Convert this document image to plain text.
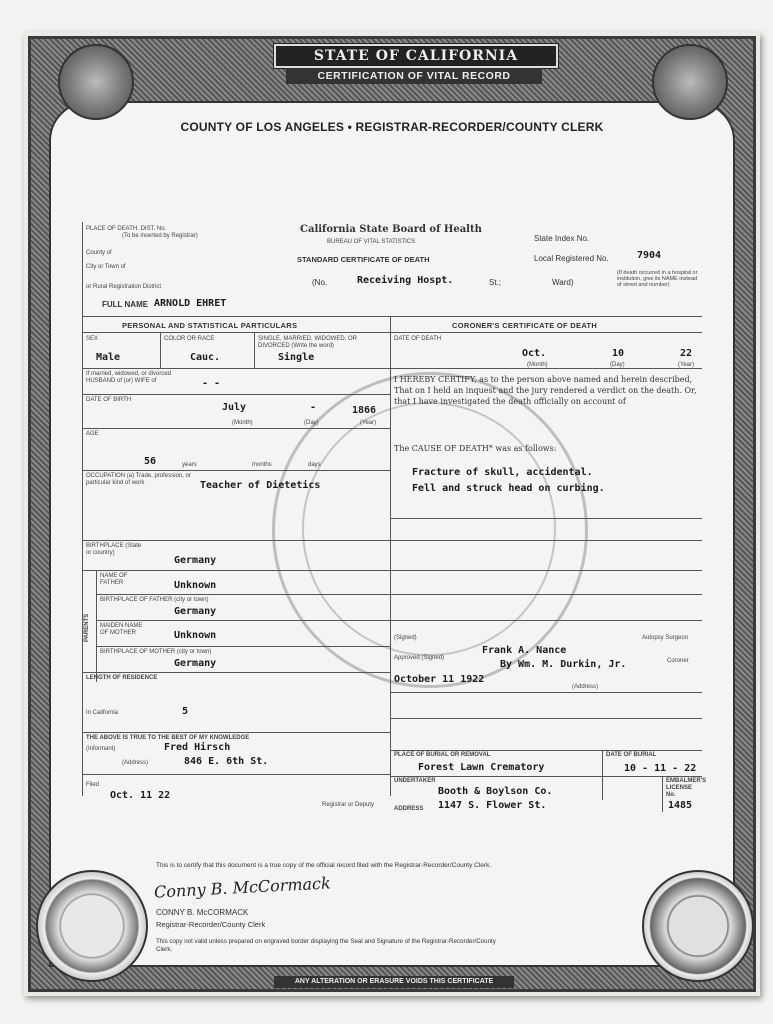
STATE OF CALIFORNIA
CERTIFICATION OF VITAL RECORD
COUNTY OF LOS ANGELES • REGISTRAR-RECORDER/COUNTY CLERK
PLACE OF DEATH. DIST. No.
(To be inserted by Registrar)
County of
City or Town of
or Rural Registration District
California State Board of Health
BUREAU OF VITAL STATISTICS
STANDARD CERTIFICATE OF DEATH
State Index No.
Local Registered No.	7904
(No.	Receiving Hospt.	St.;	Ward)
(If death occurred in a hospital or institution, give its NAME instead of street and number)
FULL NAME ARNOLD EHRET
PERSONAL AND STATISTICAL PARTICULARS	CORONER'S CERTIFICATE OF DEATH
SEX
Male
COLOR OR RACE
Cauc.
SINGLE, MARRIED, WIDOWED, OR DIVORCED (Write the word)
Single
If married, widowed, or divorced HUSBAND of (or) WIFE of	- -
DATE OF BIRTH
July	-	1866
(Month)	(Day)	(Year)
AGE
56	years	months	days
OCCUPATION (a) Trade, profession, or particular kind of work	Teacher of Dietetics
BIRTHPLACE (State or country)
Germany
PARENTS
NAME OF FATHER	Unknown
BIRTHPLACE OF FATHER (city or town)
Germany
MAIDEN NAME OF MOTHER	Unknown
BIRTHPLACE OF MOTHER (city or town)
Germany
LENGTH OF RESIDENCE
In California	5
THE ABOVE IS TRUE TO THE BEST OF MY KNOWLEDGE
(Informant)	Fred Hirsch
(Address)	846 E. 6th St.
Filed
Oct. 11 22
Registrar or Deputy
DATE OF DEATH
Oct.	10	22
(Month)	(Day)	(Year)
I HEREBY CERTIFY, as to the person above named and herein described, That on I held an inquest and the jury rendered a verdict on the death. Or, that I have investigated the death officially on account of
The CAUSE OF DEATH* was as follows:
Fracture of skull, accidental.
Fell and struck head on curbing.
(Signed)	Autopsy Surgeon
Approved (Signed)
Frank A. Nance
By Wm. M. Durkin, Jr.	Coroner
October 11 1922
(Address)
PLACE OF BURIAL OR REMOVAL
Forest Lawn Crematory
DATE OF BURIAL
10 - 11 - 22
UNDERTAKER
Booth & Boylson Co.
EMBALMER'S LICENSE No.
1485
ADDRESS 1147 S. Flower St.
This is to certify that this document is a true copy of the official record filed with the Registrar-Recorder/County Clerk.
Conny B. McCormack
CONNY B. McCORMACK
Registrar-Recorder/County Clerk
This copy not valid unless prepared on engraved border displaying the Seal and Signature of the Registrar-Recorder/County Clerk.
ANY ALTERATION OR ERASURE VOIDS THIS CERTIFICATE
